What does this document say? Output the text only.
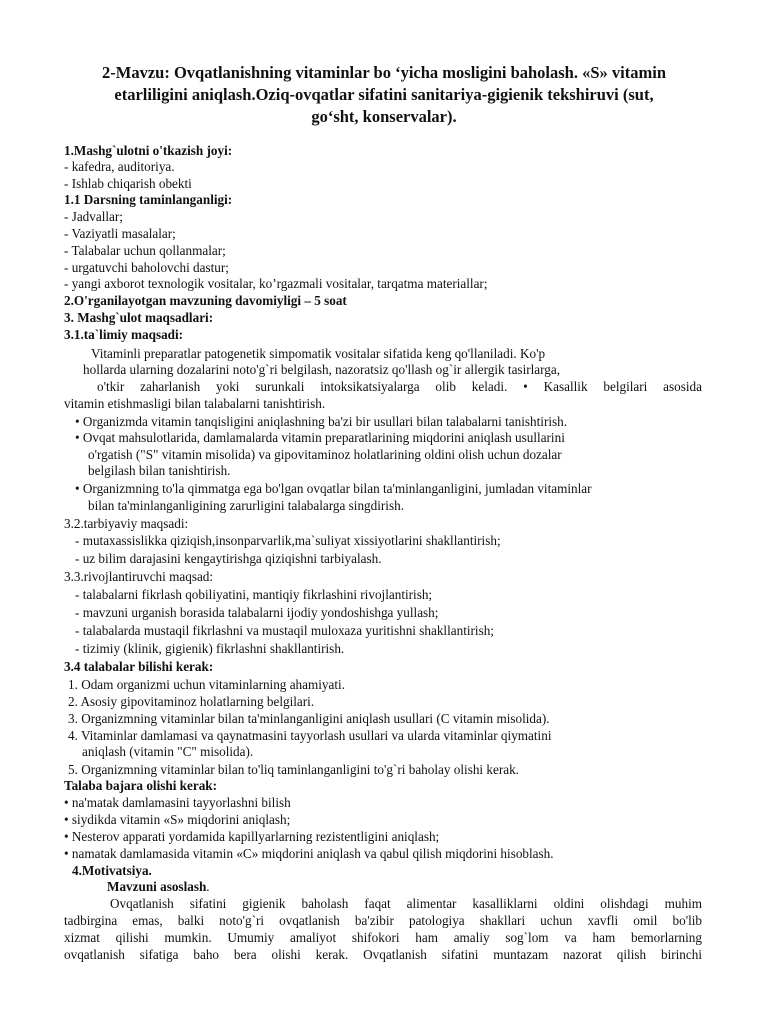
2-Mavzu: Ovqatlanishning vitaminlar bo ‘yicha mosligini baholash. «S» vitamin
etarliligini aniqlash.Oziq-ovqatlar sifatini sanitariya-gigienik tekshiruvi (sut,
go‘sht, konservalar).
1.Mashg`ulotni o'tkazish joyi:
- kafedra, auditoriya.
- Ishlab chiqarish obekti
1.1 Darsning taminlanganligi:
- Jadvallar;
- Vaziyatli masalalar;
- Talabalar uchun qollanmalar;
- urgatuvchi baholovchi dastur;
- yangi axborot texnologik vositalar, ko’rgazmali vositalar, tarqatma materiallar;
2.O'rganilayotgan mavzuning davomiyligi – 5 soat
3. Mashg`ulot maqsadlari:
3.1.ta`limiy maqsadi:
Vitaminli preparatlar patogenetik simpomatik vositalar sifatida keng qo'llaniladi. Ko'p
hollarda ularning dozalarini noto'g`ri belgilash, nazoratsiz qo'llash og`ir allergik tasirlarga,
o'tkir zaharlanish yoki surunkali intoksikatsiyalarga olib keladi. • Kasallik belgilari asosida
vitamin etishmasligi bilan talabalarni tanishtirish.
• Organizmda vitamin tanqisligini aniqlashning ba'zi bir usullari bilan talabalarni tanishtirish.
• Ovqat mahsulotlarida, damlamalarda vitamin preparatlarining miqdorini aniqlash usullarini
o'rgatish ("S" vitamin misolida) va gipovitaminoz holatlarining oldini olish uchun dozalar
belgilash bilan tanishtirish.
• Organizmning to'la qimmatga ega bo'lgan ovqatlar bilan ta'minlanganligini, jumladan vitaminlar
bilan ta'minlanganligining zarurligini talabalarga singdirish.
3.2.tarbiyaviy maqsadi:
- mutaxassislikka qiziqish,insonparvarlik,ma`suliyat xissiyotlarini shakllantirish;
- uz bilim darajasini kengaytirishga qiziqishni tarbiyalash.
3.3.rivojlantiruvchi maqsad:
- talabalarni fikrlash qobiliyatini, mantiqiy fikrlashini rivojlantirish;
- mavzuni urganish borasida talabalarni ijodiy yondoshishga yullash;
- talabalarda mustaqil fikrlashni va mustaqil muloxaza yuritishni shakllantirish;
- tizimiy (klinik, gigienik) fikrlashni shakllantirish.
3.4 talabalar bilishi kerak:
1. Odam organizmi uchun vitaminlarning ahamiyati.
2. Asosiy gipovitaminoz holatlarning belgilari.
3. Organizmning vitaminlar bilan ta'minlanganligini aniqlash usullari (C vitamin misolida).
4. Vitaminlar damlamasi va qaynatmasini tayyorlash usullari va ularda vitaminlar qiymatini
aniqlash (vitamin "C" misolida).
5. Organizmning vitaminlar bilan to'liq taminlanganligini to'g`ri baholay olishi kerak.
Talaba bajara olishi kerak:
• na'matak damlamasini tayyorlashni bilish
• siydikda vitamin «S» miqdorini aniqlash;
• Nesterov apparati yordamida kapillyarlarning rezistentligini aniqlash;
• namatak damlamasida vitamin «C» miqdorini aniqlash va qabul qilish miqdorini hisoblash.
4.Motivatsiya.
Mavzuni asoslash.
Ovqatlanish sifatini gigienik baholash faqat alimentar kasalliklarni oldini olishdagi muhim
tadbirgina emas, balki noto'g`ri ovqatlanish ba'zibir patologiya shakllari uchun xavfli omil bo'lib
xizmat qilishi mumkin. Umumiy amaliyot shifokori ham amaliy sog`lom va ham bemorlarning
ovqatlanish sifatiga baho bera olishi kerak. Ovqatlanish sifatini muntazam nazorat qilish birinchi
